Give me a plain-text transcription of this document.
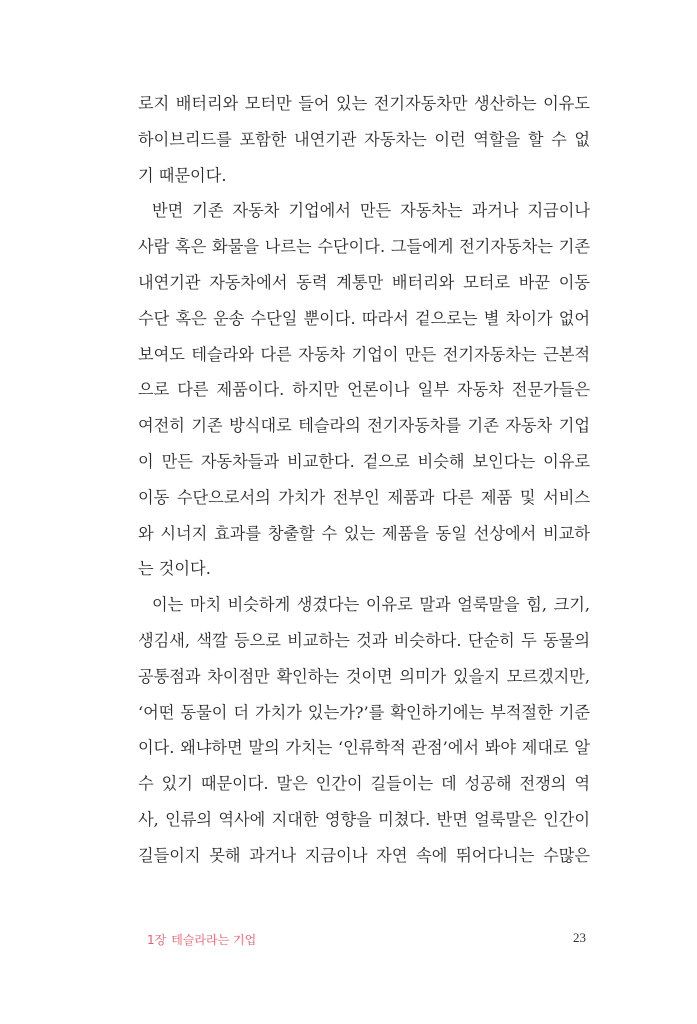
로지 배터리와 모터만 들어 있는 전기자동차만 생산하는 이유도
하이브리드를 포함한 내연기관 자동차는 이런 역할을 할 수 없
기 때문이다.
반면 기존 자동차 기업에서 만든 자동차는 과거나 지금이나
사람 혹은 화물을 나르는 수단이다. 그들에게 전기자동차는 기존
내연기관 자동차에서 동력 계통만 배터리와 모터로 바꾼 이동
수단 혹은 운송 수단일 뿐이다. 따라서 겉으로는 별 차이가 없어
보여도 테슬라와 다른 자동차 기업이 만든 전기자동차는 근본적
으로 다른 제품이다. 하지만 언론이나 일부 자동차 전문가들은
여전히 기존 방식대로 테슬라의 전기자동차를 기존 자동차 기업
이 만든 자동차들과 비교한다. 겉으로 비슷해 보인다는 이유로
이동 수단으로서의 가치가 전부인 제품과 다른 제품 및 서비스
와 시너지 효과를 창출할 수 있는 제품을 동일 선상에서 비교하
는 것이다.
이는 마치 비슷하게 생겼다는 이유로 말과 얼룩말을 힘, 크기,
생김새, 색깔 등으로 비교하는 것과 비슷하다. 단순히 두 동물의
공통점과 차이점만 확인하는 것이면 의미가 있을지 모르겠지만,
‘어떤 동물이 더 가치가 있는가?’를 확인하기에는 부적절한 기준
이다. 왜냐하면 말의 가치는 ‘인류학적 관점’에서 봐야 제대로 알
수 있기 때문이다. 말은 인간이 길들이는 데 성공해 전쟁의 역
사, 인류의 역사에 지대한 영향을 미쳤다. 반면 얼룩말은 인간이
길들이지 못해 과거나 지금이나 자연 속에 뛰어다니는 수많은
1장 테슬라라는 기업	23
